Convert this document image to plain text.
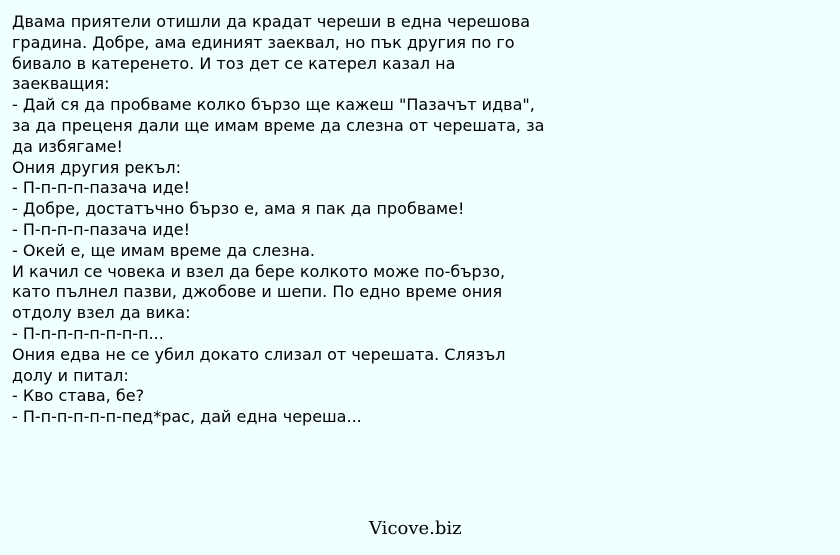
Двама приятели отишли да крадат череши в една черешова
градина. Добре, ама единият заеквал, но пък другия по го
бивало в катеренето. И тоз дет се катерел казал на
заекващия:
- Дай ся да пробваме колко бързо ще кажеш "Пазачът идва",
за да преценя дали ще имам време да слезна от черешата, за
да избягаме!
Ония другия рекъл:
- П-п-п-п-пазача иде!
- Добре, достатъчно бързо е, ама я пак да пробваме!
- П-п-п-п-пазача иде!
- Окей е, ще имам време да слезна.
И качил се човека и взел да бере колкото може по-бързо,
като пълнел пазви, джобове и шепи. По едно време ония
отдолу взел да вика:
- П-п-п-п-п-п-п-п...
Ония едва не се убил докато слизал от черешата. Слязъл
долу и питал:
- Кво става, бе?
- П-п-п-п-п-п-пед*рас, дай една череша...
Vicove.biz
